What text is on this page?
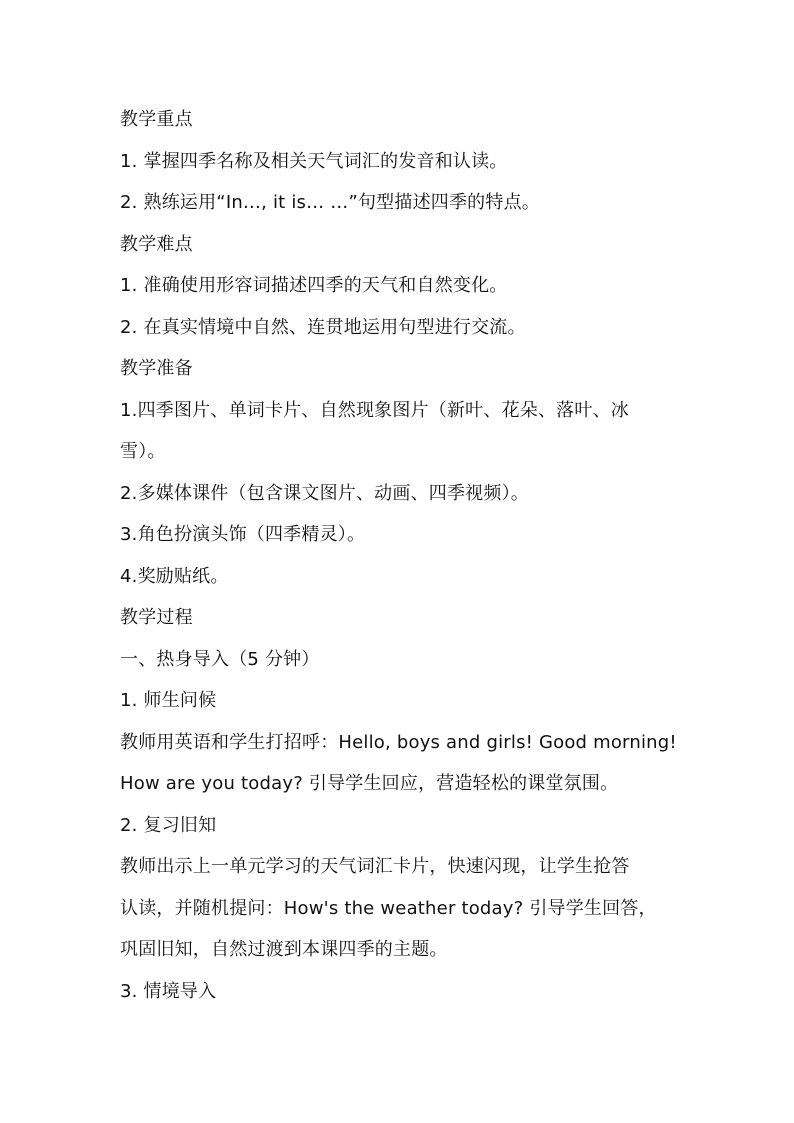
教学重点
1. 掌握四季名称及相关天气词汇的发音和认读。
2. 熟练运用“In…, it is… …”句型描述四季的特点。
教学难点
1. 准确使用形容词描述四季的天气和自然变化。
2. 在真实情境中自然、连贯地运用句型进行交流。
教学准备
1.四季图片、单词卡片、自然现象图片（新叶、花朵、落叶、冰
雪）。
2.多媒体课件（包含课文图片、动画、四季视频）。
3.角色扮演头饰（四季精灵）。
4.奖励贴纸。
教学过程
一、热身导入（5 分钟）
1. 师生问候
教师用英语和学生打招呼：Hello, boys and girls! Good morning!
How are you today? 引导学生回应，营造轻松的课堂氛围。
2. 复习旧知
教师出示上一单元学习的天气词汇卡片，快速闪现，让学生抢答
认读，并随机提问：How's the weather today? 引导学生回答，
巩固旧知，自然过渡到本课四季的主题。
3. 情境导入
